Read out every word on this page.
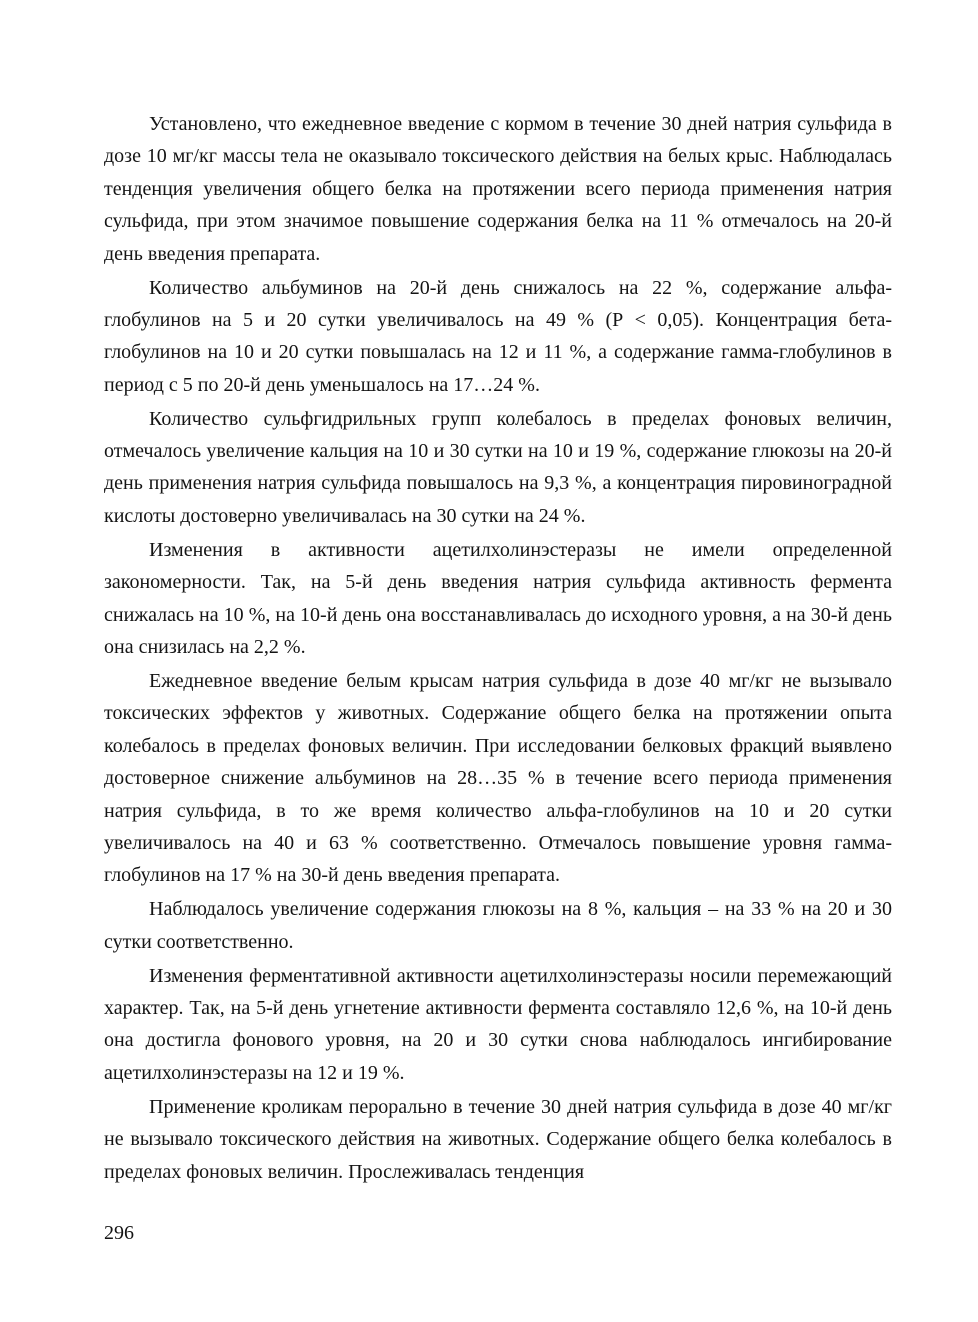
Установлено, что ежедневное введение с кормом в течение 30 дней натрия сульфида в дозе 10 мг/кг массы тела не оказывало токсического действия на белых крыс. Наблюдалась тенденция увеличения общего белка на протяжении всего периода применения натрия сульфида, при этом значимое повышение содержания белка на 11 % отмечалось на 20-й день введения препарата.

Количество альбуминов на 20-й день снижалось на 22 %, содержание альфа-глобулинов на 5 и 20 сутки увеличивалось на 49 % (Р < 0,05). Концентрация бета-глобулинов на 10 и 20 сутки повышалась на 12 и 11 %, а содержание гамма-глобулинов в период с 5 по 20-й день уменьшалось на 17…24 %.

Количество сульфгидрильных групп колебалось в пределах фоновых величин, отмечалось увеличение кальция на 10 и 30 сутки на 10 и 19 %, содержание глюкозы на 20-й день применения натрия сульфида повышалось на 9,3 %, а концентрация пировиноградной кислоты достоверно увеличивалась на 30 сутки на 24 %.

Изменения в активности ацетилхолинэстеразы не имели определенной закономерности. Так, на 5-й день введения натрия сульфида активность фермента снижалась на 10 %, на 10-й день она восстанавливалась до исходного уровня, а на 30-й день она снизилась на 2,2 %.

Ежедневное введение белым крысам натрия сульфида в дозе 40 мг/кг не вызывало токсических эффектов у животных. Содержание общего белка на протяжении опыта колебалось в пределах фоновых величин. При исследовании белковых фракций выявлено достоверное снижение альбуминов на 28…35 % в течение всего периода применения натрия сульфида, в то же время количество альфа-глобулинов на 10 и 20 сутки увеличивалось на 40 и 63 % соответственно. Отмечалось повышение уровня гамма-глобулинов на 17 % на 30-й день введения препарата.

Наблюдалось увеличение содержания глюкозы на 8 %, кальция – на 33 % на 20 и 30 сутки соответственно.

Изменения ферментативной активности ацетилхолинэстеразы носили перемежающий характер. Так, на 5-й день угнетение активности фермента составляло 12,6 %, на 10-й день она достигла фонового уровня, на 20 и 30 сутки снова наблюдалось ингибирование ацетилхолинэстеразы на 12 и 19 %.

Применение кроликам перорально в течение 30 дней натрия сульфида в дозе 40 мг/кг не вызывало токсического действия на животных. Содержание общего белка колебалось в пределах фоновых величин. Прослеживалась тенденция

296
